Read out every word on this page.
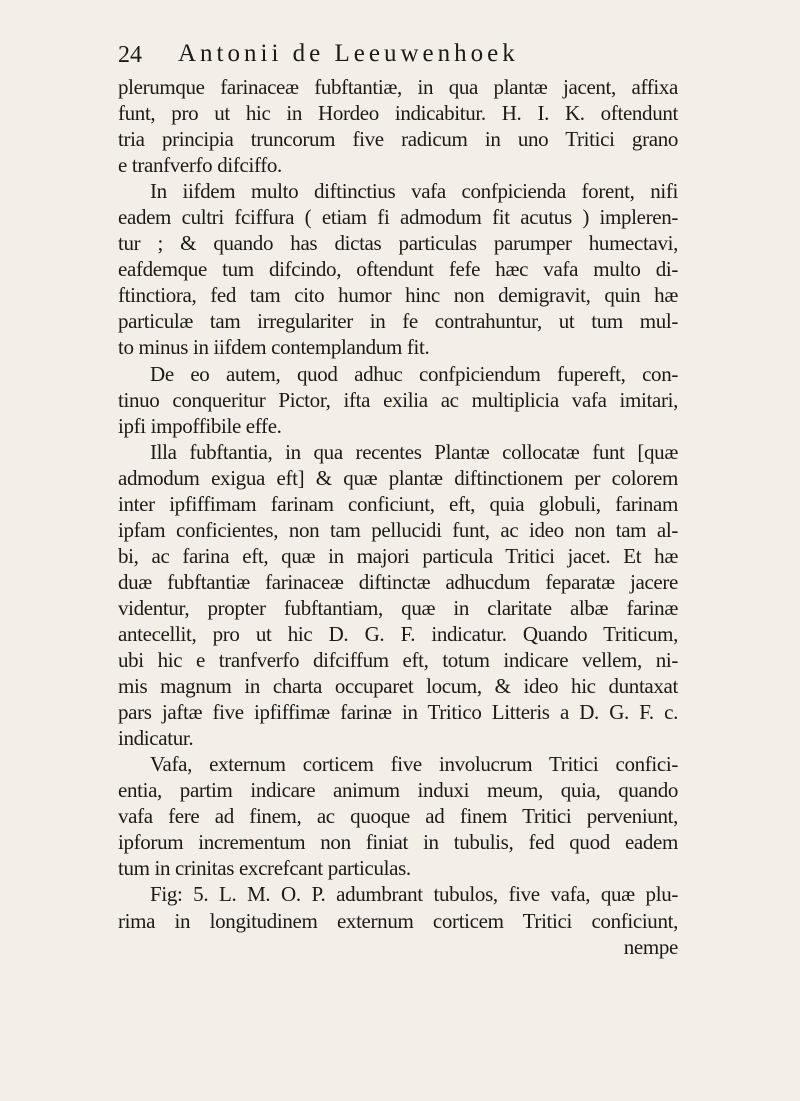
24 Antonii de Leeuwenhoek
plerumque farinaceæ fubftantiæ, in qua plantæ jacent, affixa
funt, pro ut hic in Hordeo indicabitur. H. I. K. oftendunt
tria principia truncorum five radicum in uno Tritici grano
e tranfverfo difciffo.
In iifdem multo diftinctius vafa confpicienda forent, nifi
eadem cultri fciffura ( etiam fi admodum fit acutus ) impleren-
tur ; & quando has dictas particulas parumper humectavi,
eafdemque tum difcindo, oftendunt fefe hæc vafa multo di-
ftinctiora, fed tam cito humor hinc non demigravit, quin hæ
particulæ tam irregulariter in fe contrahuntur, ut tum mul-
to minus in iifdem contemplandum fit.
De eo autem, quod adhuc confpiciendum fupereft, con-
tinuo conqueritur Pictor, ifta exilia ac multiplicia vafa imitari,
ipfi impoffibile effe.
Illa fubftantia, in qua recentes Plantæ collocatæ funt [quæ
admodum exigua eft] & quæ plantæ diftinctionem per colorem
inter ipfiffimam farinam conficiunt, eft, quia globuli, farinam
ipfam conficientes, non tam pellucidi funt, ac ideo non tam al-
bi, ac farina eft, quæ in majori particula Tritici jacet. Et hæ
duæ fubftantiæ farinaceæ diftinctæ adhucdum feparatæ jacere
videntur, propter fubftantiam, quæ in claritate albæ farinæ
antecellit, pro ut hic D. G. F. indicatur. Quando Triticum,
ubi hic e tranfverfo difciffum eft, totum indicare vellem, ni-
mis magnum in charta occuparet locum, & ideo hic duntaxat
pars jaftæ five ipfiffimæ farinæ in Tritico Litteris a D. G. F. c.
indicatur.
Vafa, externum corticem five involucrum Tritici confici-
entia, partim indicare animum induxi meum, quia, quando
vafa fere ad finem, ac quoque ad finem Tritici perveniunt,
ipforum incrementum non finiat in tubulis, fed quod eadem
tum in crinitas excrefcant particulas.
Fig: 5. L. M. O. P. adumbrant tubulos, five vafa, quæ plu-
rima in longitudinem externum corticem Tritici conficiunt,
nempe
